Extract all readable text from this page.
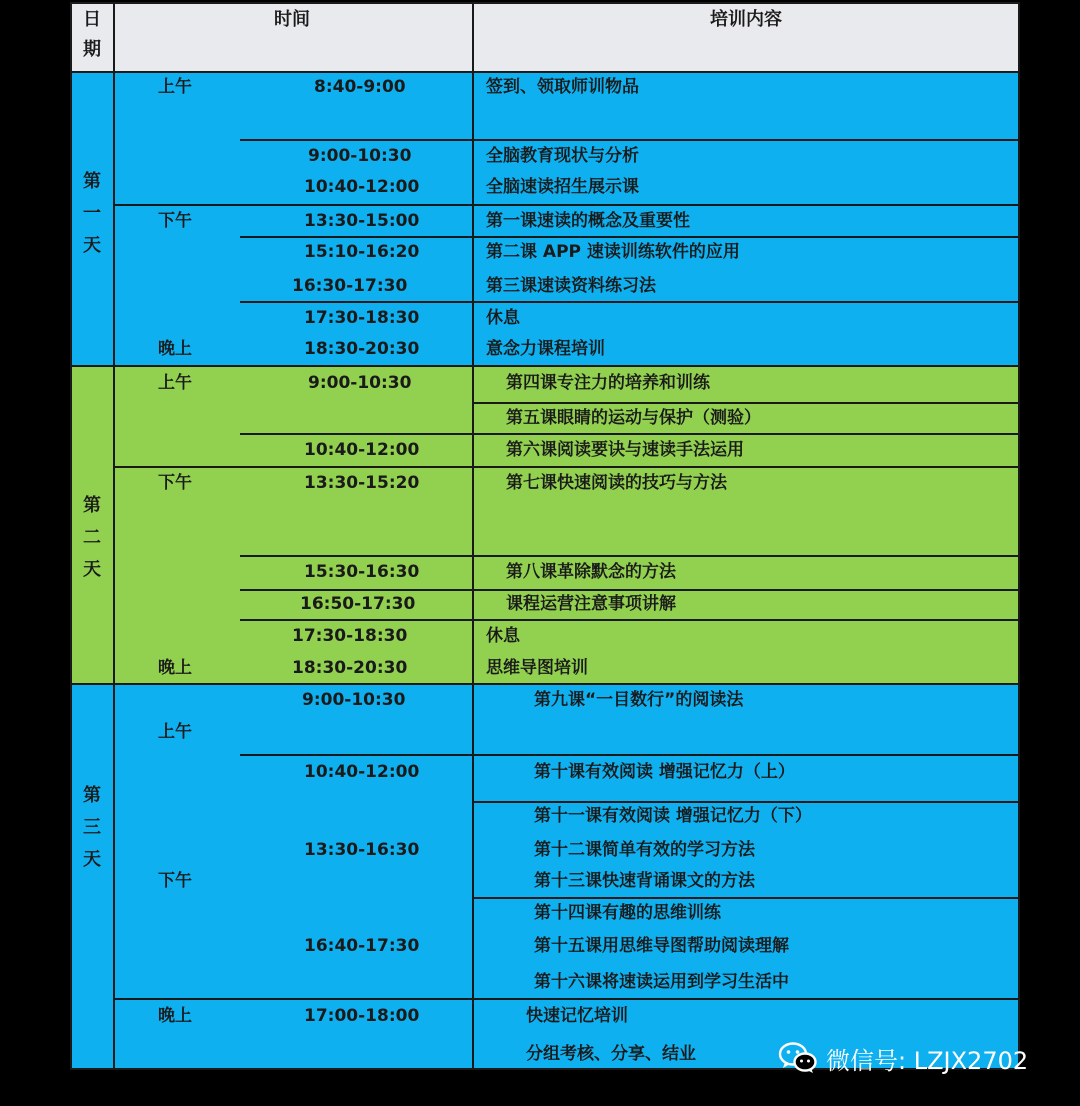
日
期
时间	培训内容
第
一
天
第
二
天
第
三
天
上午
下午
晚上
8:40-9:00
9:00-10:30
10:40-12:00
13:30-15:00
15:10-16:20
16:30-17:30
17:30-18:30
18:30-20:30
签到、领取师训物品
全脑教育现状与分析
全脑速读招生展示课
第一课速读的概念及重要性
第二课 APP 速读训练软件的应用
第三课速读资料练习法
休息
意念力课程培训
上午
下午
晚上
9:00-10:30
10:40-12:00
13:30-15:20
15:30-16:30
16:50-17:30
17:30-18:30
18:30-20:30
第四课专注力的培养和训练
第五课眼睛的运动与保护（测验）
第六课阅读要诀与速读手法运用
第七课快速阅读的技巧与方法
第八课革除默念的方法
课程运营注意事项讲解
休息
思维导图培训
上午
下午
晚上
9:00-10:30
10:40-12:00
13:30-16:30
16:40-17:30
17:00-18:00
第九课“一目数行”的阅读法
第十课有效阅读 增强记忆力（上）
第十一课有效阅读 增强记忆力（下）
第十二课简单有效的学习方法
第十三课快速背诵课文的方法
第十四课有趣的思维训练
第十五课用思维导图帮助阅读理解
第十六课将速读运用到学习生活中
快速记忆培训
分组考核、分享、结业	微信号: LZJX2702
